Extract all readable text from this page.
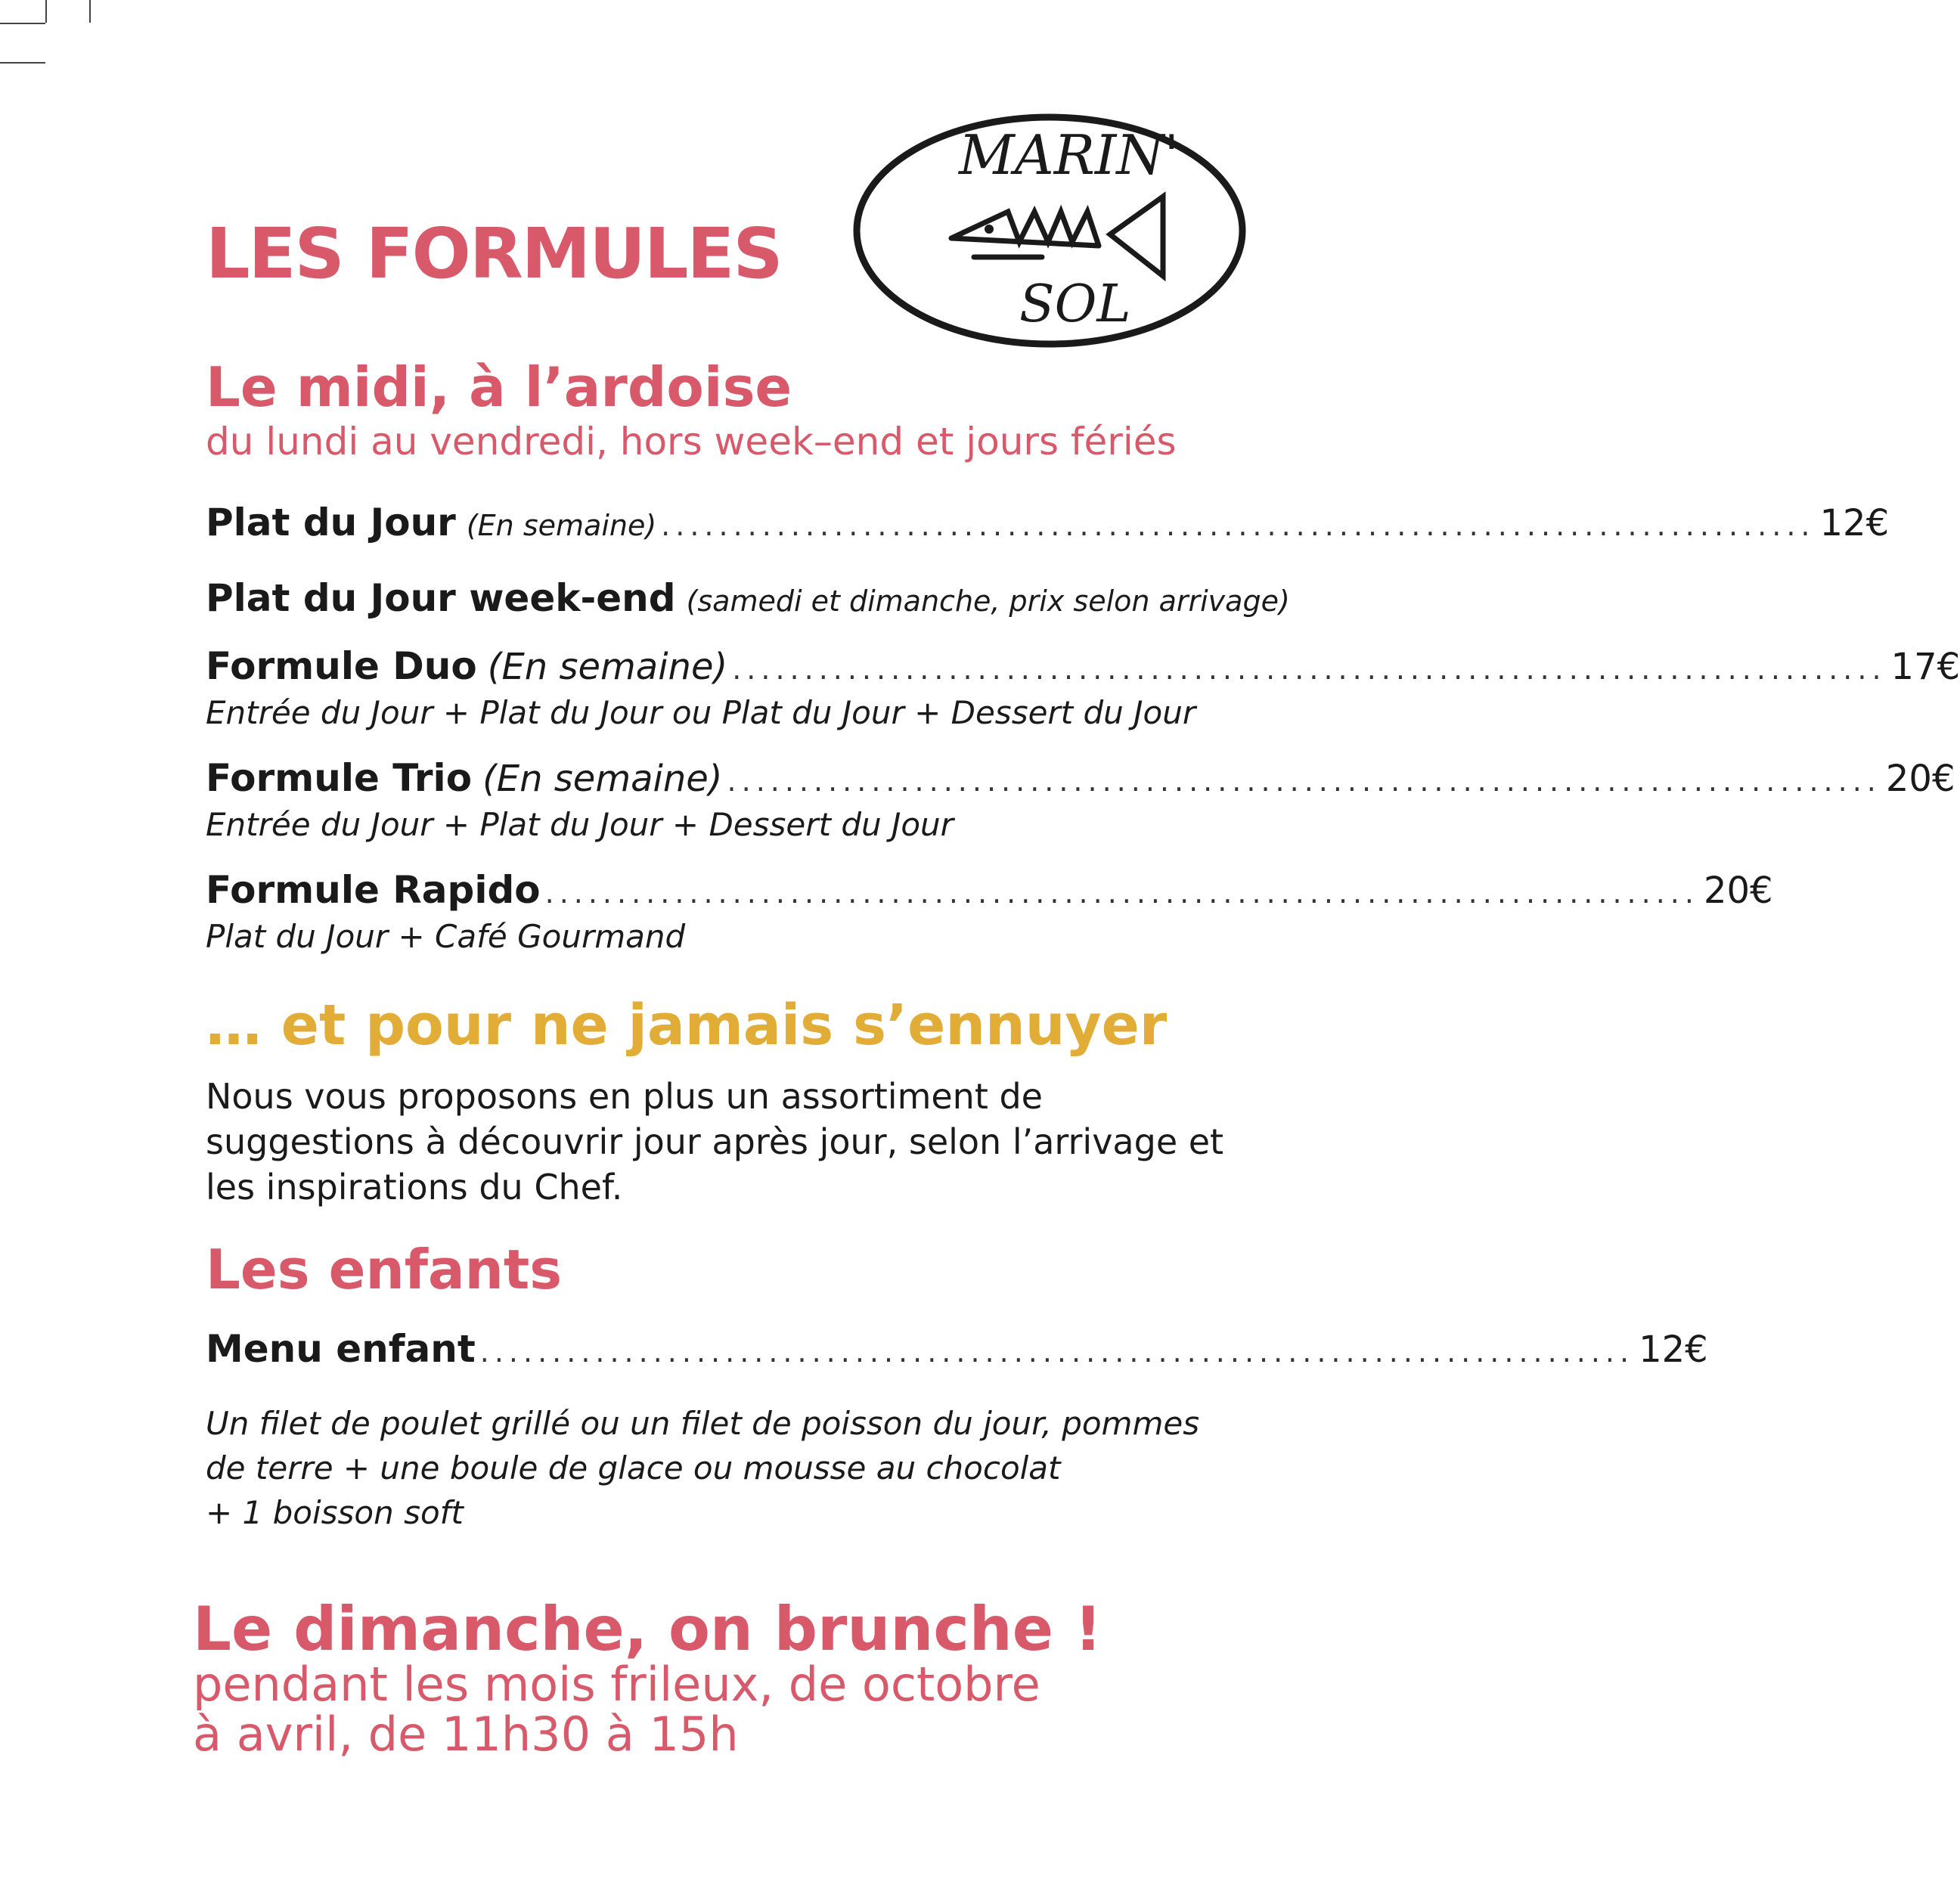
MARIN'
SOL
LES FORMULES
Le midi, à l’ardoise
du lundi au vendredi, hors week–end et jours fériés
Plat du Jour (En semaine) ................................................................................ 12€
Plat du Jour week-end (samedi et dimanche, prix selon arrivage)
Formule Duo (En semaine) ................................................................................ 17€
Entrée du Jour + Plat du Jour ou Plat du Jour + Dessert du Jour
Formule Trio (En semaine) ................................................................................ 20€
Entrée du Jour + Plat du Jour + Dessert du Jour
Formule Rapido ................................................................................ 20€
Plat du Jour + Café Gourmand
… et pour ne jamais s’ennuyer
Nous vous proposons en plus un assortiment de
suggestions à découvrir jour après jour, selon l’arrivage et
les inspirations du Chef.
Les enfants
Menu enfant ................................................................................ 12€
Un filet de poulet grillé ou un filet de poisson du jour, pommes
de terre + une boule de glace ou mousse au chocolat
+ 1 boisson soft
Le dimanche, on brunche !
pendant les mois frileux, de octobre
à avril, de 11h30 à 15h
